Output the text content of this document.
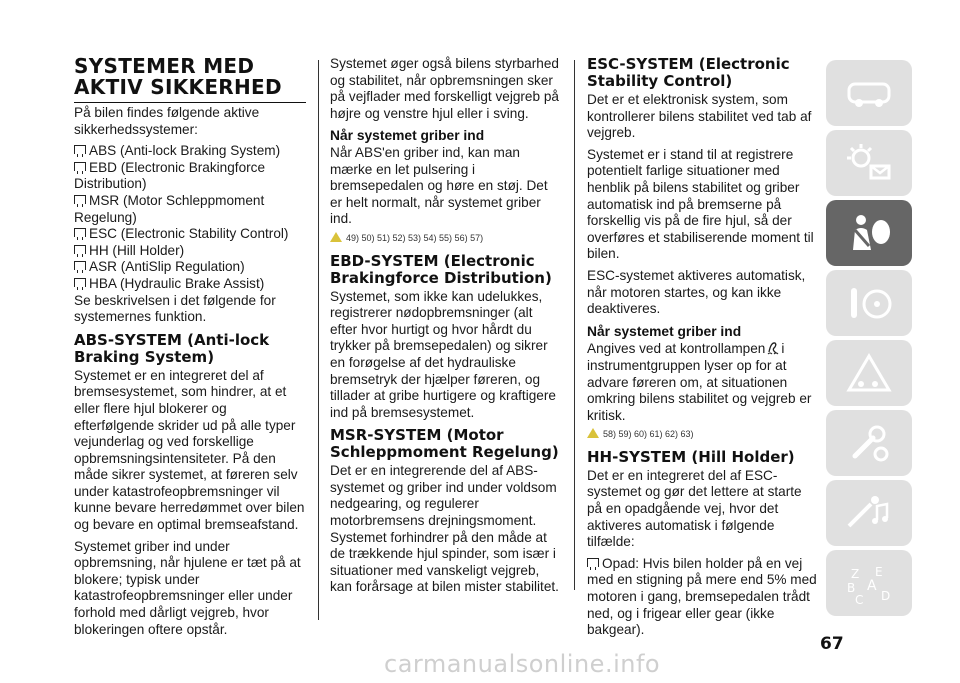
SYSTEMER MED AKTIV SIKKERHED

På bilen findes følgende aktive sikkerhedssystemer:

ABS (Anti-lock Braking System)
EBD (Electronic Brakingforce Distribution)
MSR (Motor Schleppmoment Regelung)
ESC (Electronic Stability Control)
HH (Hill Holder)
ASR (AntiSlip Regulation)
HBA (Hydraulic Brake Assist)

Se beskrivelsen i det følgende for systemernes funktion.

ABS-SYSTEM (Anti-lock Braking System)

Systemet er en integreret del af bremsesystemet, som hindrer, at et eller flere hjul blokerer og efterfølgende skrider ud på alle typer vejunderlag og ved forskellige opbremsningsintensiteter. På den måde sikrer systemet, at føreren selv under katastrofeopbremsninger vil kunne bevare herredømmet over bilen og bevare en optimal bremseafstand.

Systemet griber ind under opbremsning, når hjulene er tæt på at blokere; typisk under katastrofeopbremsninger eller under forhold med dårligt vejgreb, hvor blokeringen oftere opstår.

Systemet øger også bilens styrbarhed og stabilitet, når opbremsningen sker på vejflader med forskelligt vejgreb på højre og venstre hjul eller i sving.

Når systemet griber ind

Når ABS'en griber ind, kan man mærke en let pulsering i bremsepedalen og høre en støj. Det er helt normalt, når systemet griber ind.

49) 50) 51) 52) 53) 54) 55) 56) 57)
EBD-SYSTEM (Electronic Brakingforce Distribution)

Systemet, som ikke kan udelukkes, registrerer nødopbremsninger (alt efter hvor hurtigt og hvor hårdt du trykker på bremsepedalen) og sikrer en forøgelse af det hydrauliske bremsetryk der hjælper føreren, og tillader at gribe hurtigere og kraftigere ind på bremsesystemet.

MSR-SYSTEM (Motor Schleppmoment Regelung)

Det er en integrerende del af ABS-systemet og griber ind under voldsom nedgearing, og regulerer motorbremsens drejningsmoment. Systemet forhindrer på den måde at de trækkende hjul spinder, som især i situationer med vanskeligt vejgreb, kan forårsage at bilen mister stabilitet.

ESC-SYSTEM (Electronic Stability Control)

Det er et elektronisk system, som kontrollerer bilens stabilitet ved tab af vejgreb.

Systemet er i stand til at registrere potentielt farlige situationer med henblik på bilens stabilitet og griber automatisk ind på bremserne på forskellig vis på de fire hjul, så der overføres et stabiliserende moment til bilen.

ESC-systemet aktiveres automatisk, når motoren startes, og kan ikke deaktiveres.

Når systemet griber ind

Angives ved at kontrollampen i instrumentgruppen lyser op for at advare føreren om, at situationen omkring bilens stabilitet og vejgreb er kritisk.

58) 59) 60) 61) 62) 63)
HH-SYSTEM (Hill Holder)

Det er en integreret del af ESC-systemet og gør det lettere at starte på en opadgående vej, hvor det aktiveres automatisk i følgende tilfælde:

Opad: Hvis bilen holder på en vej med en stigning på mere end 5% med motoren i gang, bremsepedalen trådt ned, og i frigear eller gear (ikke bakgear).
Z E
B A
C D
67
carmanualsonline.info
